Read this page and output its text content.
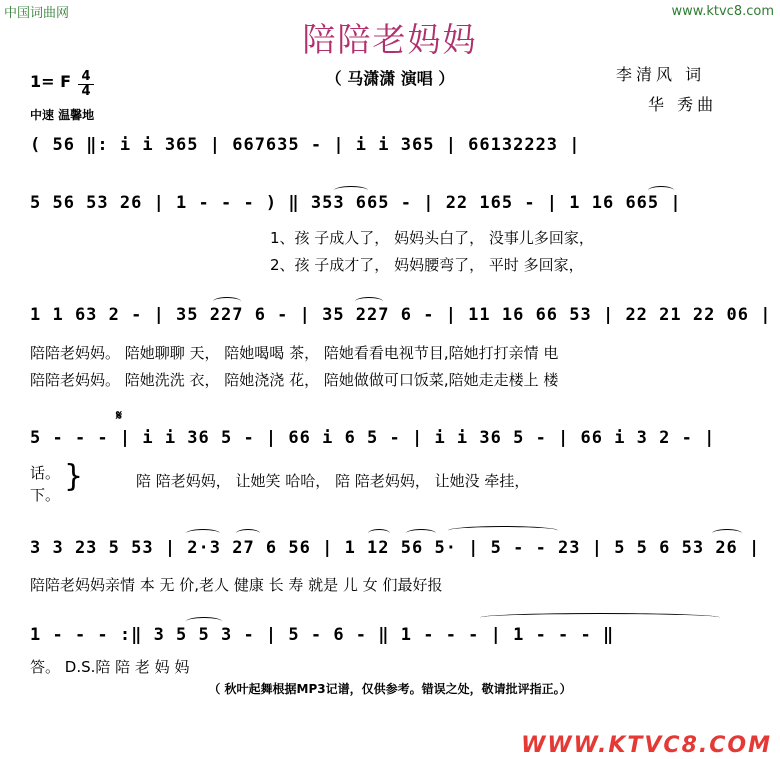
中国词曲网	www.ktvc8.com
陪陪老妈妈
（ 马潇潇 演唱 ）	李清风 词
华 秀曲
1= F 4
4
中速 温馨地
( 56 ‖: i i 365 | 667635 - | i i 365 | 66132223 |
5 56 53 26 | 1 - - - ) ‖ 353 665 - | 22 165 - | 1 16 665 |
1、孩 子成人了， 妈妈头白了， 没事儿多回家，
2、孩 子成才了， 妈妈腰弯了， 平时 多回家，
1 1 63 2 - | 35 227 6 - | 35 227 6 - | 11 16 66 53 | 22 21 22 06 |
陪陪老妈妈。 陪她聊聊 天， 陪她喝喝 茶， 陪她看看电视节目,陪她打打亲情 电
陪陪老妈妈。 陪她洗洗 衣， 陪她浇浇 花， 陪她做做可口饭菜,陪她走走楼上 楼
𝄋
5 - - - | i i 36 5 - | 66 i 6 5 - | i i 36 5 - | 66 i 3 2 - |
话。
下。
}	陪 陪老妈妈， 让她笑 哈哈， 陪 陪老妈妈， 让她没 牵挂，
3 3 23 5 53 | 2·3 27 6 56 | 1 12 56 5· | 5 - - 23 | 5 5 6 53 26 |
陪陪老妈妈亲情 本 无 价,老人 健康 长 寿 就是 儿 女 们最好报
1 - - - :‖ 3 5 5 3 - | 5 - 6 - ‖ 1 - - - | 1 - - - ‖
答。 D.S.陪 陪 老 妈 妈
（ 秋叶起舞根据MP3记谱，仅供参考。错误之处，敬请批评指正。）
WWW.KTVC8.COM
